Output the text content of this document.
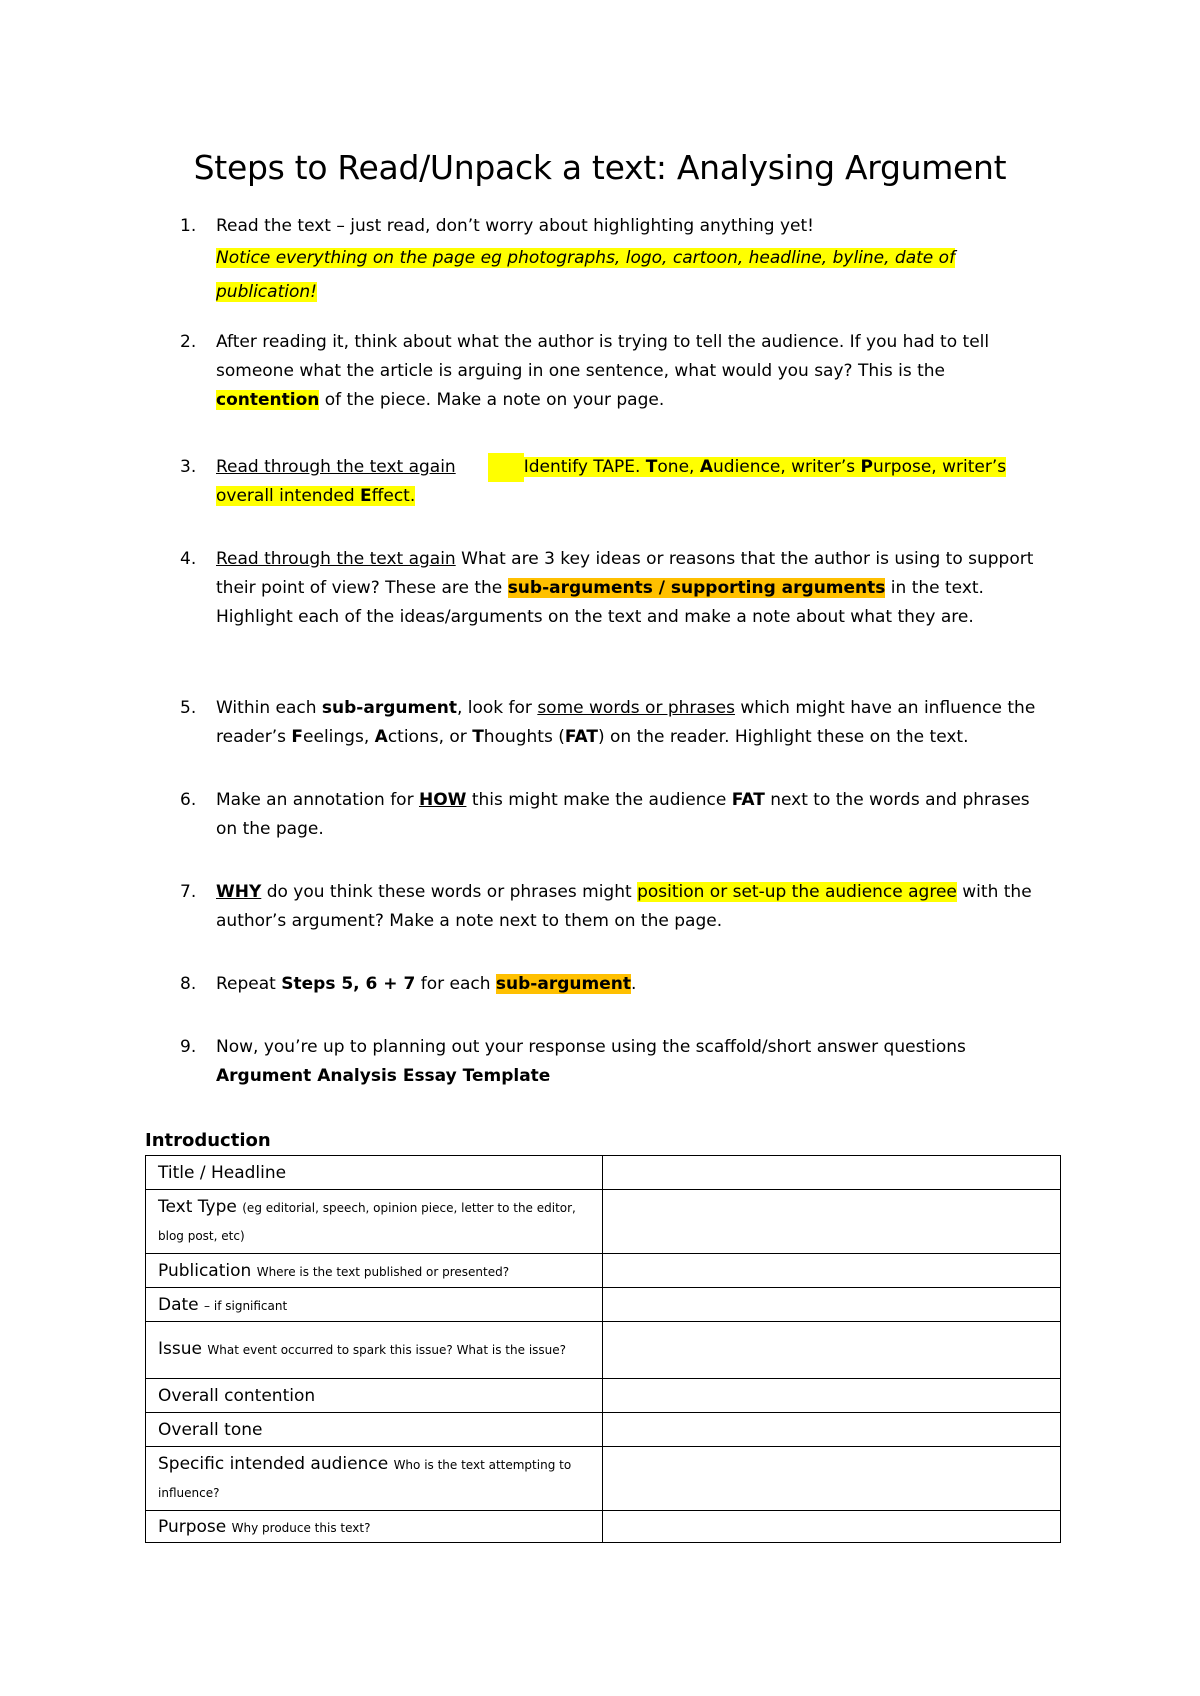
Steps to Read/Unpack a text: Analysing Argument
1. Read the text – just read, don’t worry about highlighting anything yet!
Notice everything on the page eg photographs, logo, cartoon, headline, byline, date of publication!
2. After reading it, think about what the author is trying to tell the audience. If you had to tell someone what the article is arguing in one sentence, what would you say? This is the contention of the piece. Make a note on your page.
3. Read through the text again	Identify TAPE. Tone, Audience, writer’s Purpose, writer’s overall intended Effect.
4. Read through the text again What are 3 key ideas or reasons that the author is using to support their point of view? These are the sub-arguments / supporting arguments in the text. Highlight each of the ideas/arguments on the text and make a note about what they are.
5. Within each sub-argument, look for some words or phrases which might have an influence the reader’s Feelings, Actions, or Thoughts (FAT) on the reader. Highlight these on the text.
6. Make an annotation for HOW this might make the audience FAT next to the words and phrases on the page.
7. WHY do you think these words or phrases might position or set-up the audience agree with the author’s argument? Make a note next to them on the page.
8. Repeat Steps 5, 6 + 7 for each sub-argument.
9. Now, you’re up to planning out your response using the scaffold/short answer questions
Argument Analysis Essay Template
Introduction
Title / Headline	
Text Type (eg editorial, speech, opinion piece, letter to the editor, blog post, etc)	
Publication Where is the text published or presented?	
Date – if significant	
Issue What event occurred to spark this issue? What is the issue?	
Overall contention	
Overall tone	
Specific intended audience Who is the text attempting to influence?	
Purpose Why produce this text?	
